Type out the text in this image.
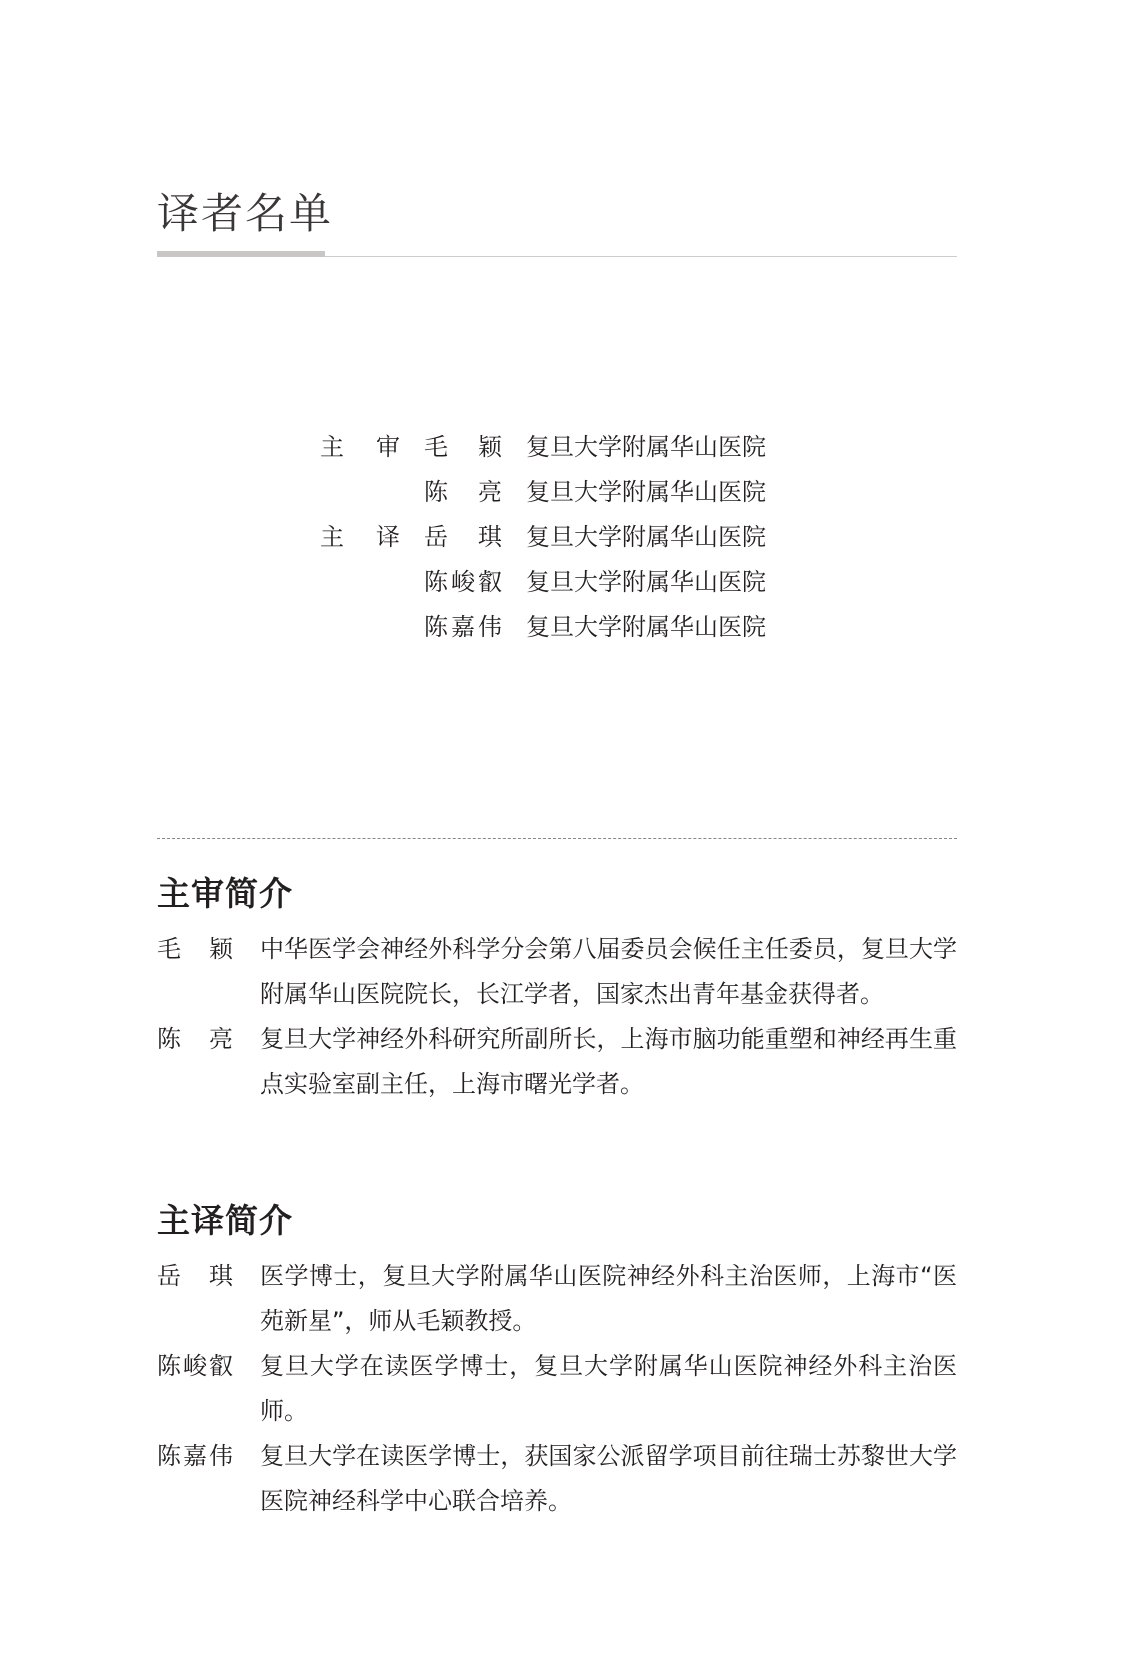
译者名单
主 审 毛 颖 复旦大学附属华山医院
陈 亮 复旦大学附属华山医院
主 译 岳 琪 复旦大学附属华山医院
陈 峻 叡 复旦大学附属华山医院
陈 嘉 伟 复旦大学附属华山医院
主审简介
毛 颖 中华医学会神经外科学分会第八届委员会候任主任委员，复旦大学附属华山医院院长，长江学者，国家杰出青年基金获得者。
陈 亮 复旦大学神经外科研究所副所长，上海市脑功能重塑和神经再生重点实验室副主任，上海市曙光学者。
主译简介
岳 琪 医学博士，复旦大学附属华山医院神经外科主治医师，上海市“医苑新星”，师从毛颖教授。
陈 峻 叡 复旦大学在读医学博士，复旦大学附属华山医院神经外科主治医师。
陈 嘉 伟 复旦大学在读医学博士，获国家公派留学项目前往瑞士苏黎世大学医院神经科学中心联合培养。
